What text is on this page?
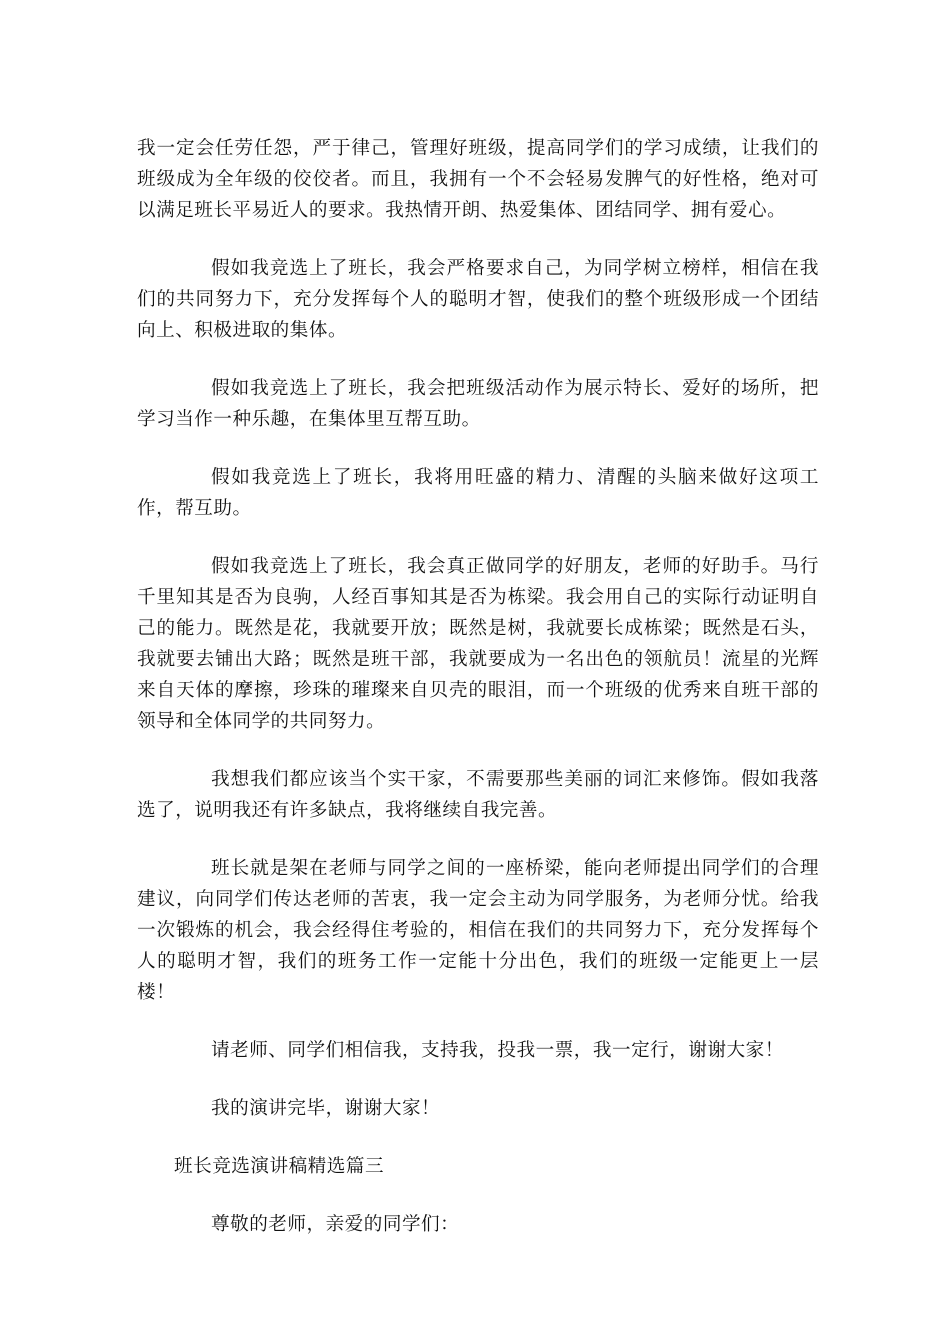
我一定会任劳任怨，严于律己，管理好班级，提高同学们的学习成绩，让我们的班级成为全年级的佼佼者。而且，我拥有一个不会轻易发脾气的好性格，绝对可以满足班长平易近人的要求。我热情开朗、热爱集体、团结同学、拥有爱心。

假如我竞选上了班长，我会严格要求自己，为同学树立榜样，相信在我们的共同努力下，充分发挥每个人的聪明才智，使我们的整个班级形成一个团结向上、积极进取的集体。

假如我竞选上了班长，我会把班级活动作为展示特长、爱好的场所，把学习当作一种乐趣，在集体里互帮互助。

假如我竞选上了班长，我将用旺盛的精力、清醒的头脑来做好这项工作，帮互助。

假如我竞选上了班长，我会真正做同学的好朋友，老师的好助手。马行千里知其是否为良驹，人经百事知其是否为栋梁。我会用自己的实际行动证明自己的能力。既然是花，我就要开放；既然是树，我就要长成栋梁；既然是石头，我就要去铺出大路；既然是班干部，我就要成为一名出色的领航员！流星的光辉来自天体的摩擦，珍珠的璀璨来自贝壳的眼泪，而一个班级的优秀来自班干部的领导和全体同学的共同努力。

我想我们都应该当个实干家，不需要那些美丽的词汇来修饰。假如我落选了，说明我还有许多缺点，我将继续自我完善。

班长就是架在老师与同学之间的一座桥梁，能向老师提出同学们的合理建议，向同学们传达老师的苦衷，我一定会主动为同学服务，为老师分忧。给我一次锻炼的机会，我会经得住考验的，相信在我们的共同努力下，充分发挥每个人的聪明才智，我们的班务工作一定能十分出色，我们的班级一定能更上一层楼！

请老师、同学们相信我，支持我，投我一票，我一定行，谢谢大家！

我的演讲完毕，谢谢大家！

班长竞选演讲稿精选篇三

尊敬的老师，亲爱的同学们：
